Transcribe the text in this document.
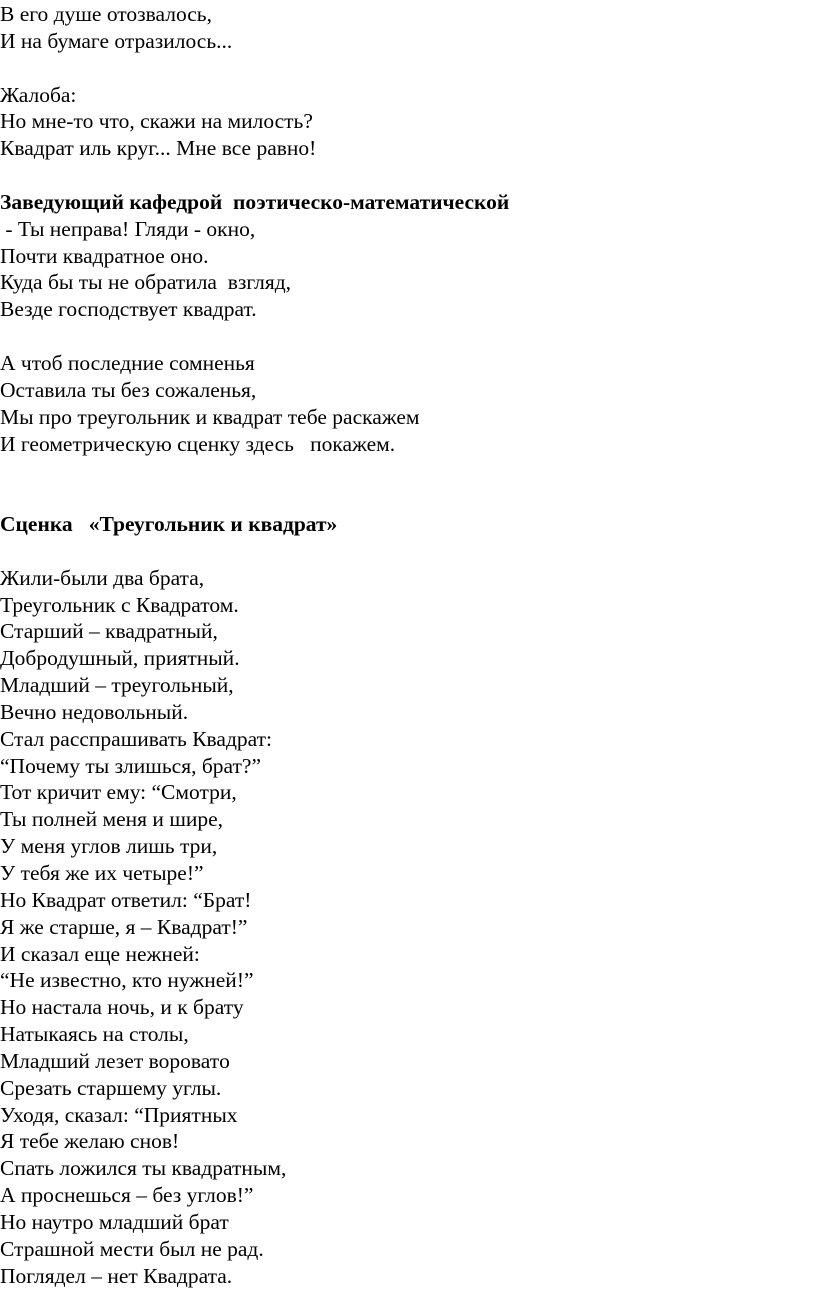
В его душе отозвалось,
И на бумаге отразилось...
Жалоба:
Но мне-то что, скажи на милость?
Квадрат иль круг... Мне все равно!
Заведующий кафедрой  поэтическо-математической
- Ты неправа! Гляди - окно,
Почти квадратное оно.
Куда бы ты не обратила  взгляд,
Везде господствует квадрат.
А чтоб последние сомненья
Оставила ты без сожаленья,
Мы про треугольник и квадрат тебе раскажем
И геометрическую сценку здесь   покажем.
Сценка   «Треугольник и квадрат»
Жили-были два брата,
Треугольник с Квадратом.
Старший – квадратный,
Добродушный, приятный.
Младший – треугольный,
Вечно недовольный.
Стал расспрашивать Квадрат:
“Почему ты злишься, брат?”
Тот кричит ему: “Смотри,
Ты полней меня и шире,
У меня углов лишь три,
У тебя же их четыре!”
Но Квадрат ответил: “Брат!
Я же старше, я – Квадрат!”
И сказал еще нежней:
“Не известно, кто нужней!”
Но настала ночь, и к брату
Натыкаясь на столы,
Младший лезет вороватo
Срезать старшему углы.
Уходя, сказал: “Приятных
Я тебе желаю снов!
Спать ложился ты квадратным,
А проснешься – без углов!”
Но наутро младший брат
Страшной мести был не рад.
Поглядел – нет Квадрата.
